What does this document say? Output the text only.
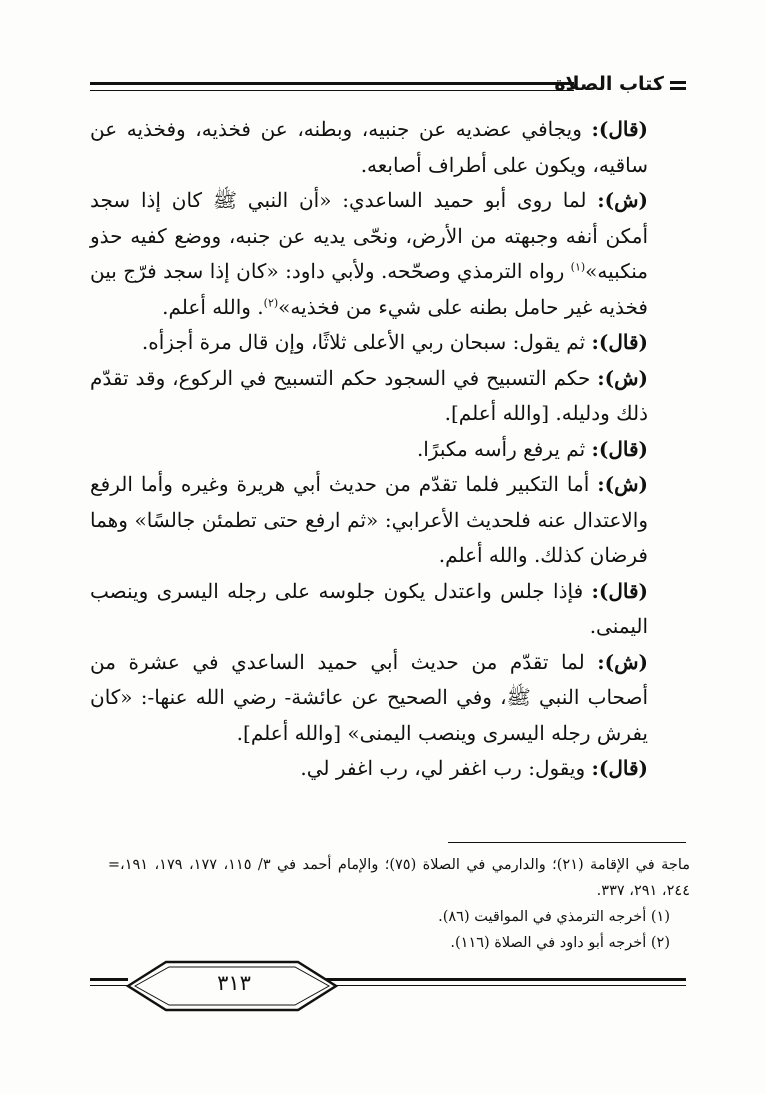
كتاب الصلاة

(قال): ويجافي عضديه عن جنبيه، وبطنه، عن فخذيه، وفخذيه عن ساقيه، ويكون على أطراف أصابعه.

(ش): لما روى أبو حميد الساعدي: «أن النبي ﷺ كان إذا سجد أمكن أنفه وجبهته من الأرض، ونحّى يديه عن جنبه، ووضع كفيه حذو منكبيه»$^{(١)}$ رواه الترمذي وصحّحه. ولأبي داود: «كان إذا سجد فرّج بين فخذيه غير حامل بطنه على شيء من فخذيه»$^{(٢)}$. والله أعلم.

(قال): ثم يقول: سبحان ربي الأعلى ثلاثًا، وإن قال مرة أجزأه.

(ش): حكم التسبيح في السجود حكم التسبيح في الركوع، وقد تقدّم ذلك ودليله. [والله أعلم].

(قال): ثم يرفع رأسه مكبرًا.

(ش): أما التكبير فلما تقدّم من حديث أبي هريرة وغيره وأما الرفع والاعتدال عنه فلحديث الأعرابي: «ثم ارفع حتى تطمئن جالسًا» وهما فرضان كذلك. والله أعلم.

(قال): فإذا جلس واعتدل يكون جلوسه على رجله اليسرى وينصب اليمنى.

(ش): لما تقدّم من حديث أبي حميد الساعدي في عشرة من أصحاب النبي ﷺ، وفي الصحيح عن عائشة- رضي الله عنها-: «كان يفرش رجله اليسرى وينصب اليمنى» [والله أعلم].

(قال): ويقول: رب اغفر لي، رب اغفر لي.

ماجة في الإقامة (٢١)؛ والدارمي في الصلاة (٧٥)؛ والإمام أحمد في ٣/ ١١٥، ١٧٧، ١٧٩، ١٩١، ٢٤٤، ٢٩١، ٣٣٧.
=

(١) أخرجه الترمذي في المواقيت (٨٦).

(٢) أخرجه أبو داود في الصلاة (١١٦).

٣١٣
